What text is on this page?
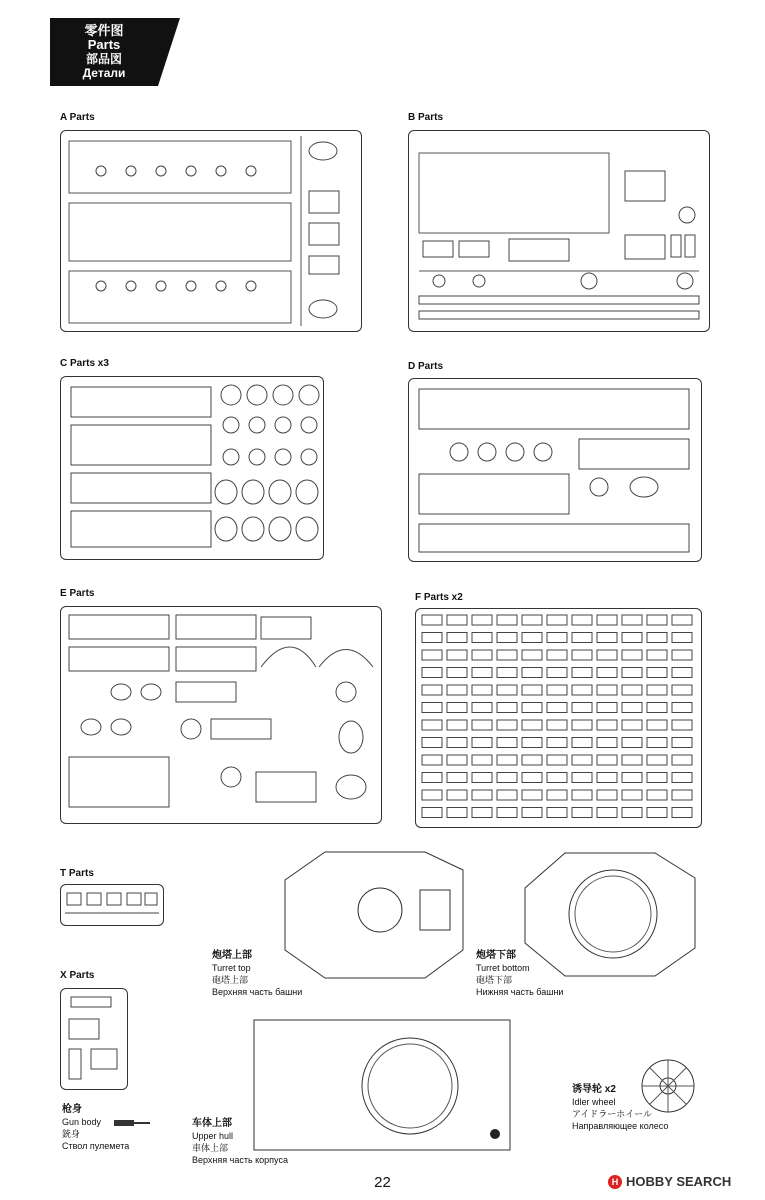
零件图
Parts
部品図
Детали
A Parts	B Parts
C Parts x3	D Parts
E Parts	F Parts x2
T Parts
X Parts
炮塔上部
Turret top
砲塔上部
Верхняя часть башни
炮塔下部
Turret bottom
砲塔下部
Нижняя часть башни
车体上部
Upper hull
車体上部
Верхняя часть корпуса
枪身
Gun body
銃身
Ствол пулемета
诱导轮 x2
Idler wheel
アイドラーホイール
Направляющее колесо
22	H HOBBY SEARCH
